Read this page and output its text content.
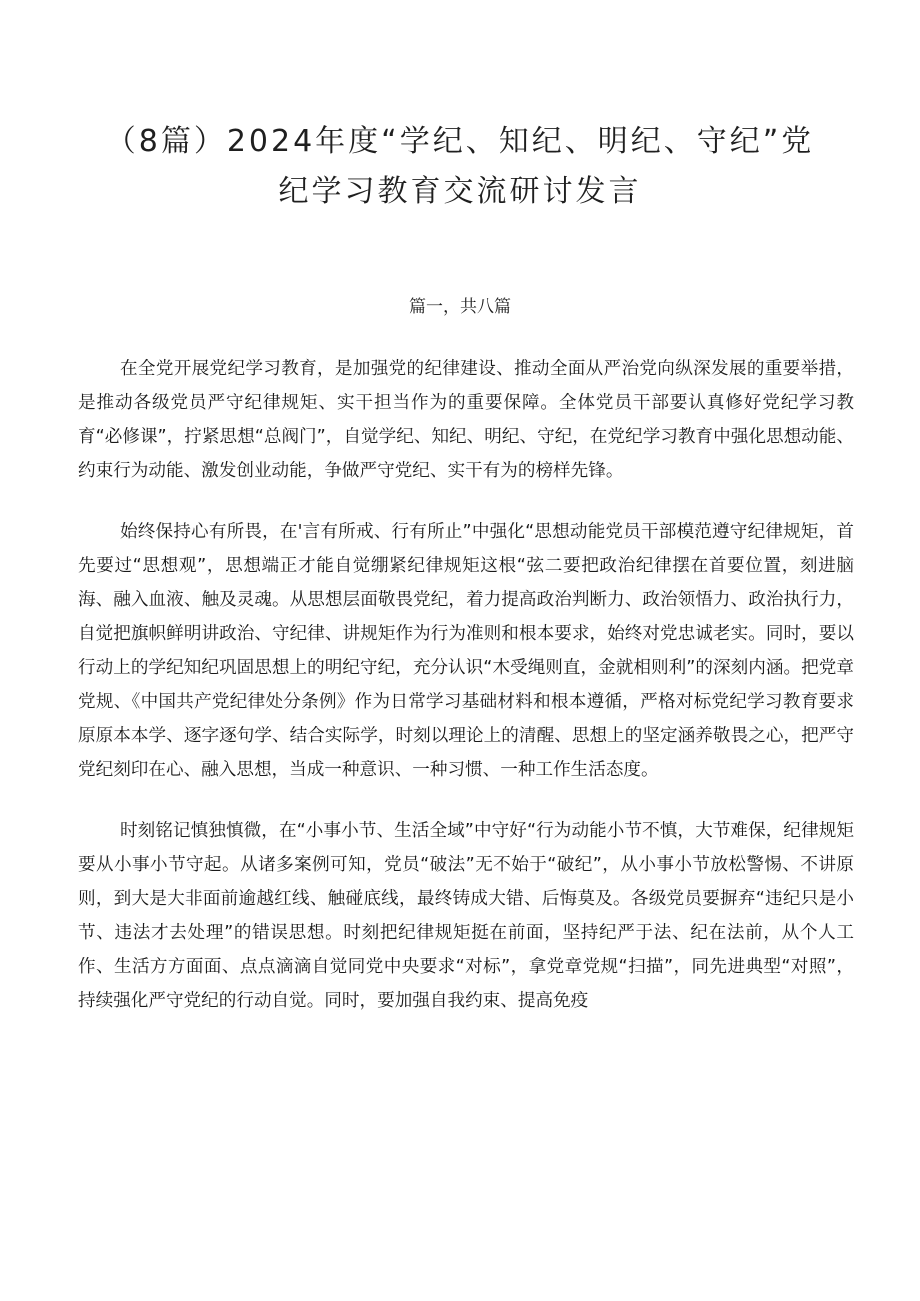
（8篇）2024年度“学纪、知纪、明纪、守纪”党
纪学习教育交流研讨发言
篇一，共八篇

在全党开展党纪学习教育，是加强党的纪律建设、推动全面从严治党向纵深发展的重要举措，是推动各级党员严守纪律规矩、实干担当作为的重要保障。全体党员干部要认真修好党纪学习教育“必修课”，拧紧思想“总阀门”，自觉学纪、知纪、明纪、守纪，在党纪学习教育中强化思想动能、约束行为动能、激发创业动能，争做严守党纪、实干有为的榜样先锋。

始终保持心有所畏，在'言有所戒、行有所止”中强化“思想动能党员干部模范遵守纪律规矩，首先要过“思想观”，思想端正才能自觉绷紧纪律规矩这根“弦二要把政治纪律摆在首要位置，刻进脑海、融入血液、触及灵魂。从思想层面敬畏党纪，着力提高政治判断力、政治领悟力、政治执行力，自觉把旗帜鲜明讲政治、守纪律、讲规矩作为行为准则和根本要求，始终对党忠诚老实。同时，要以行动上的学纪知纪巩固思想上的明纪守纪，充分认识“木受绳则直，金就相则利”的深刻内涵。把党章党规、《中国共产党纪律处分条例》作为日常学习基础材料和根本遵循，严格对标党纪学习教育要求原原本本学、逐字逐句学、结合实际学，时刻以理论上的清醒、思想上的坚定涵养敬畏之心，把严守党纪刻印在心、融入思想，当成一种意识、一种习惯、一种工作生活态度。

时刻铭记慎独慎微，在“小事小节、生活全域”中守好“行为动能小节不慎，大节难保，纪律规矩要从小事小节守起。从诸多案例可知，党员“破法”无不始于“破纪”，从小事小节放松警惕、不讲原则，到大是大非面前逾越红线、触碰底线，最终铸成大错、后悔莫及。各级党员要摒弃“违纪只是小节、违法才去处理”的错误思想。时刻把纪律规矩挺在前面，坚持纪严于法、纪在法前，从个人工作、生活方方面面、点点滴滴自觉同党中央要求“对标”，拿党章党规“扫描”，同先进典型“对照”，持续强化严守党纪的行动自觉。同时，要加强自我约束、提高免疫
